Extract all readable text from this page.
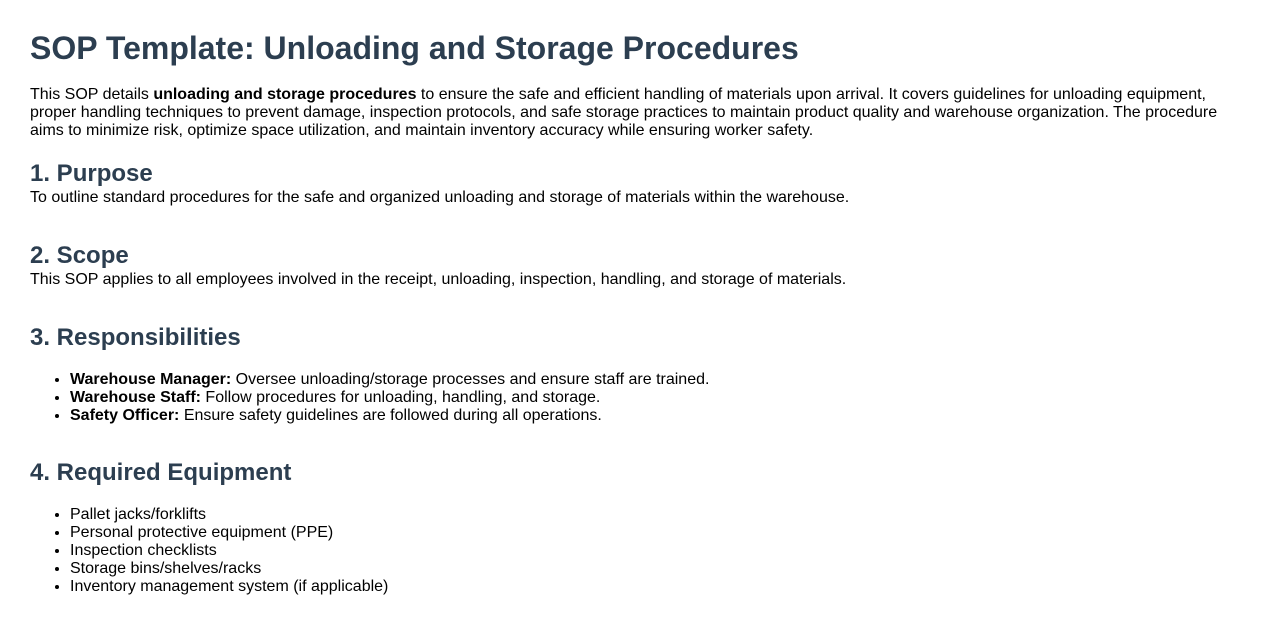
SOP Template: Unloading and Storage Procedures

This SOP details unloading and storage procedures to ensure the safe and efficient handling of materials upon arrival. It covers guidelines for unloading equipment, proper handling techniques to prevent damage, inspection protocols, and safe storage practices to maintain product quality and warehouse organization. The procedure aims to minimize risk, optimize space utilization, and maintain inventory accuracy while ensuring worker safety.

1. Purpose

To outline standard procedures for the safe and organized unloading and storage of materials within the warehouse.

2. Scope

This SOP applies to all employees involved in the receipt, unloading, inspection, handling, and storage of materials.

3. Responsibilities
• Warehouse Manager: Oversee unloading/storage processes and ensure staff are trained.
• Warehouse Staff: Follow procedures for unloading, handling, and storage.
• Safety Officer: Ensure safety guidelines are followed during all operations.
4. Required Equipment
• Pallet jacks/forklifts
• Personal protective equipment (PPE)
• Inspection checklists
• Storage bins/shelves/racks
• Inventory management system (if applicable)
